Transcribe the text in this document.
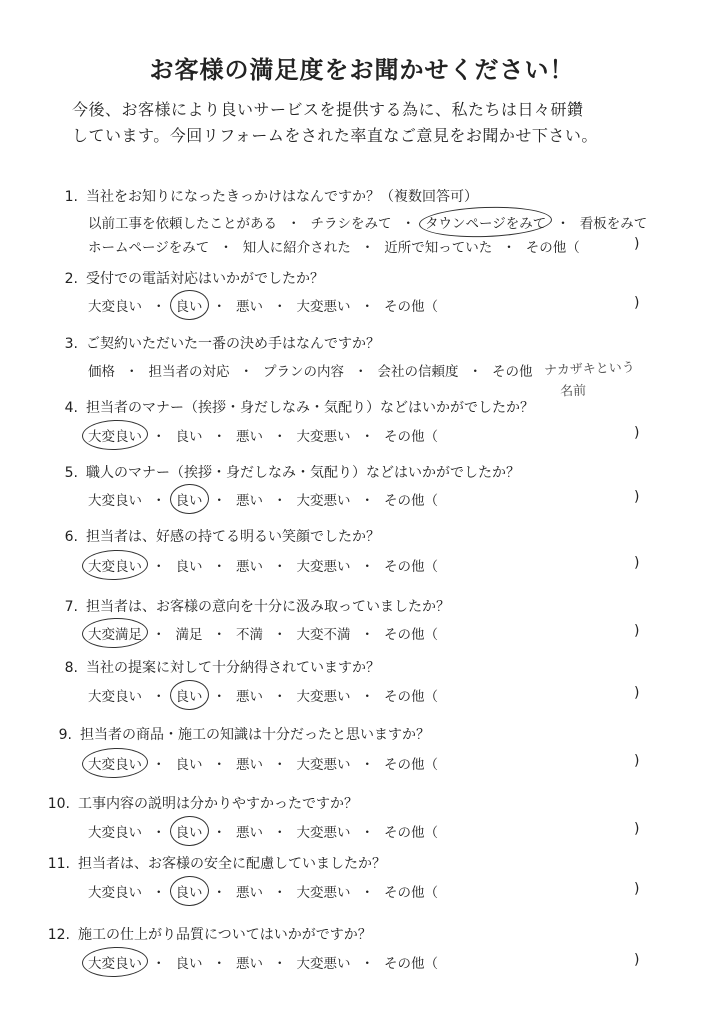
お客様の満足度をお聞かせください！
今後、お客様により良いサービスを提供する為に、私たちは日々研鑽
しています。今回リフォームをされた率直なご意見をお聞かせ下さい。
1. 当社をお知りになったきっかけはなんですか？（複数回答可）
以前工事を依頼したことがある ・ チラシをみて ・ タウンページをみて ・ 看板をみて
ホームページをみて ・ 知人に紹介された ・ 近所で知っていた ・ その他（	)
2. 受付での電話対応はいかがでしたか？
大変良い ・ 良い ・ 悪い ・ 大変悪い ・ その他（	)
3. ご契約いただいた一番の決め手はなんですか？
価格 ・ 担当者の対応 ・ プランの内容 ・ 会社の信頼度 ・ その他 ナカザキという
名前
4. 担当者のマナー（挨拶・身だしなみ・気配り）などはいかがでしたか？
大変良い ・ 良い ・ 悪い ・ 大変悪い ・ その他（	)
5. 職人のマナー（挨拶・身だしなみ・気配り）などはいかがでしたか？
大変良い ・ 良い ・ 悪い ・ 大変悪い ・ その他（	)
6. 担当者は、好感の持てる明るい笑顔でしたか？
大変良い ・ 良い ・ 悪い ・ 大変悪い ・ その他（	)
7. 担当者は、お客様の意向を十分に汲み取っていましたか？
大変満足 ・ 満足 ・ 不満 ・ 大変不満 ・ その他（	)
8. 当社の提案に対して十分納得されていますか？
大変良い ・ 良い ・ 悪い ・ 大変悪い ・ その他（	)
9. 担当者の商品・施工の知識は十分だったと思いますか？
大変良い ・ 良い ・ 悪い ・ 大変悪い ・ その他（	)
10. 工事内容の説明は分かりやすかったですか？
大変良い ・ 良い ・ 悪い ・ 大変悪い ・ その他（	)
11. 担当者は、お客様の安全に配慮していましたか？
大変良い ・ 良い ・ 悪い ・ 大変悪い ・ その他（	)
12. 施工の仕上がり品質についてはいかがですか？
大変良い ・ 良い ・ 悪い ・ 大変悪い ・ その他（	)
